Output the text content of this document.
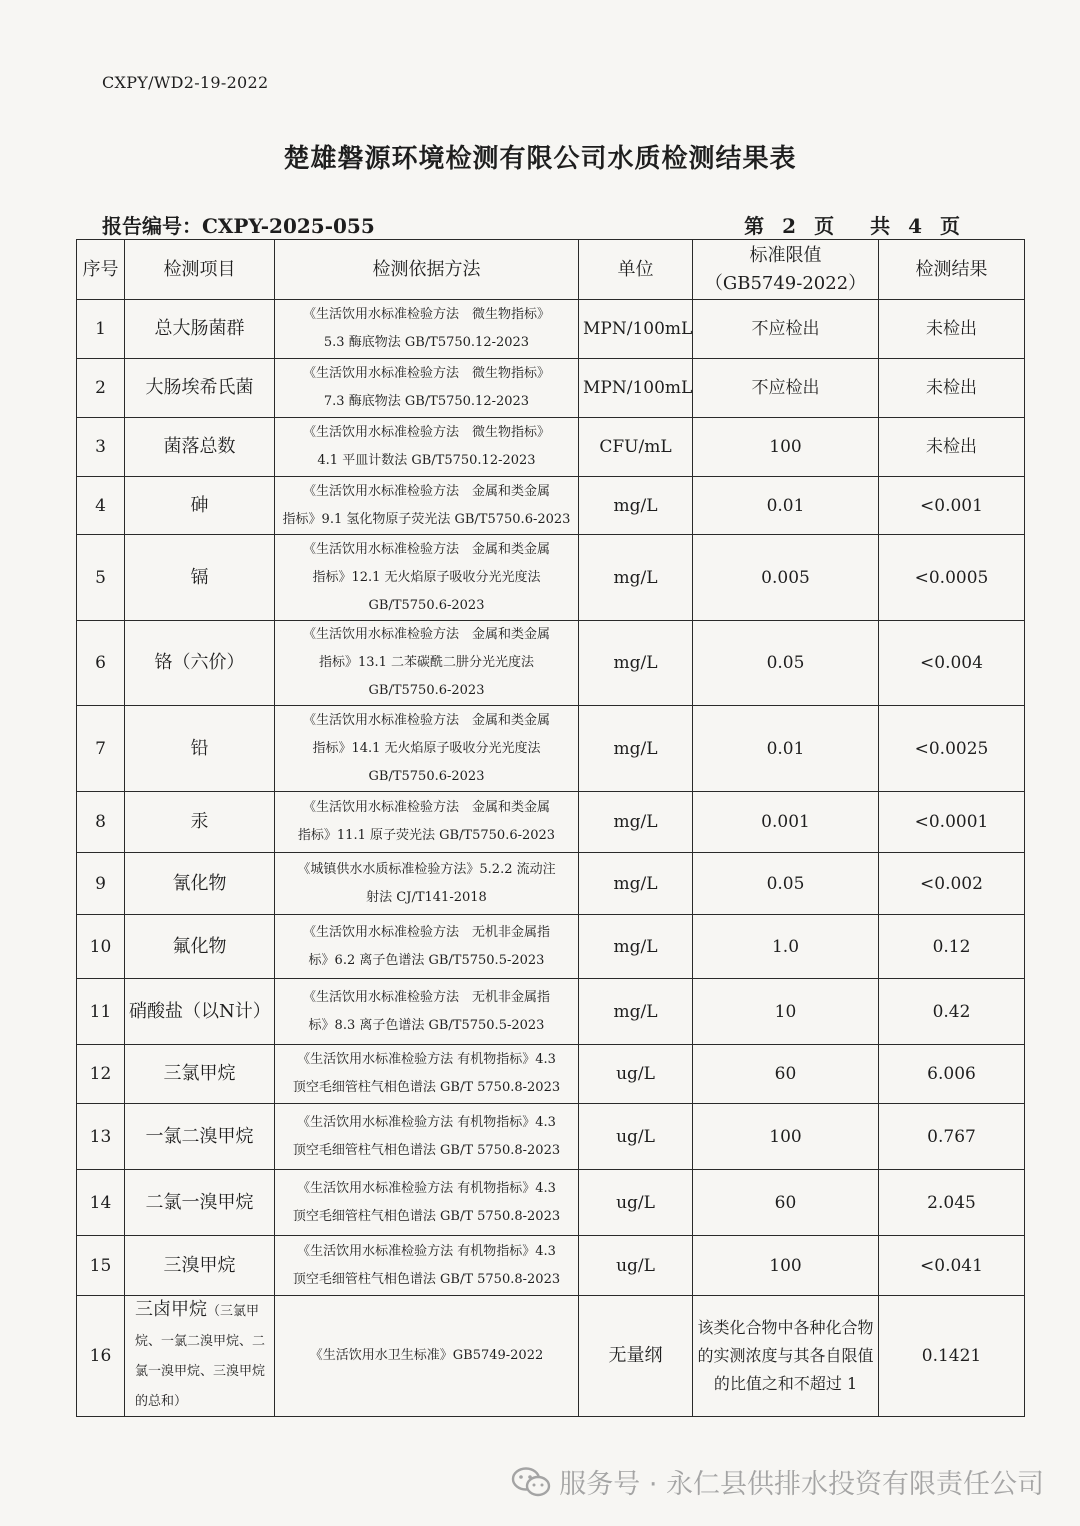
CXPY/WD2-19-2022
楚雄磐源环境检测有限公司水质检测结果表
报告编号：CXPY-2025-055	第 2 页 共 4 页
序号	检测项目	检测依据方法	单位	标准限值
（GB5749-2022）	检测结果
1	总大肠菌群	《生活饮用水标准检验方法　微生物指标》
5.3 酶底物法 GB/T5750.12-2023	MPN/100mL	不应检出	未检出
2	大肠埃希氏菌	《生活饮用水标准检验方法　微生物指标》
7.3 酶底物法 GB/T5750.12-2023	MPN/100mL	不应检出	未检出
3	菌落总数	《生活饮用水标准检验方法　微生物指标》
4.1 平皿计数法 GB/T5750.12-2023	CFU/mL	100	未检出
4	砷	《生活饮用水标准检验方法　金属和类金属
指标》9.1 氢化物原子荧光法 GB/T5750.6-2023	mg/L	0.01	<0.001
5	镉	《生活饮用水标准检验方法　金属和类金属
指标》12.1 无火焰原子吸收分光光度法
GB/T5750.6-2023	mg/L	0.005	<0.0005
6	铬（六价）	《生活饮用水标准检验方法　金属和类金属
指标》13.1 二苯碳酰二肼分光光度法
GB/T5750.6-2023	mg/L	0.05	<0.004
7	铅	《生活饮用水标准检验方法　金属和类金属
指标》14.1 无火焰原子吸收分光光度法
GB/T5750.6-2023	mg/L	0.01	<0.0025
8	汞	《生活饮用水标准检验方法　金属和类金属
指标》11.1 原子荧光法 GB/T5750.6-2023	mg/L	0.001	<0.0001
9	氰化物	《城镇供水水质标准检验方法》5.2.2 流动注
射法 CJ/T141-2018	mg/L	0.05	<0.002
10	氟化物	《生活饮用水标准检验方法　无机非金属指
标》6.2 离子色谱法 GB/T5750.5-2023	mg/L	1.0	0.12
11	硝酸盐（以N计）	《生活饮用水标准检验方法　无机非金属指
标》8.3 离子色谱法 GB/T5750.5-2023	mg/L	10	0.42
12	三氯甲烷	《生活饮用水标准检验方法 有机物指标》4.3
顶空毛细管柱气相色谱法 GB/T 5750.8-2023	ug/L	60	6.006
13	一氯二溴甲烷	《生活饮用水标准检验方法 有机物指标》4.3
顶空毛细管柱气相色谱法 GB/T 5750.8-2023	ug/L	100	0.767
14	二氯一溴甲烷	《生活饮用水标准检验方法 有机物指标》4.3
顶空毛细管柱气相色谱法 GB/T 5750.8-2023	ug/L	60	2.045
15	三溴甲烷	《生活饮用水标准检验方法 有机物指标》4.3
顶空毛细管柱气相色谱法 GB/T 5750.8-2023	ug/L	100	<0.041
16	三卤甲烷（三氯甲烷、一氯二溴甲烷、二氯一溴甲烷、三溴甲烷的总和）	《生活饮用水卫生标准》GB5749-2022	无量纲	该类化合物中各种化合物的实测浓度与其各自限值的比值之和不超过 1	0.1421
服务号 · 永仁县供排水投资有限责任公司
